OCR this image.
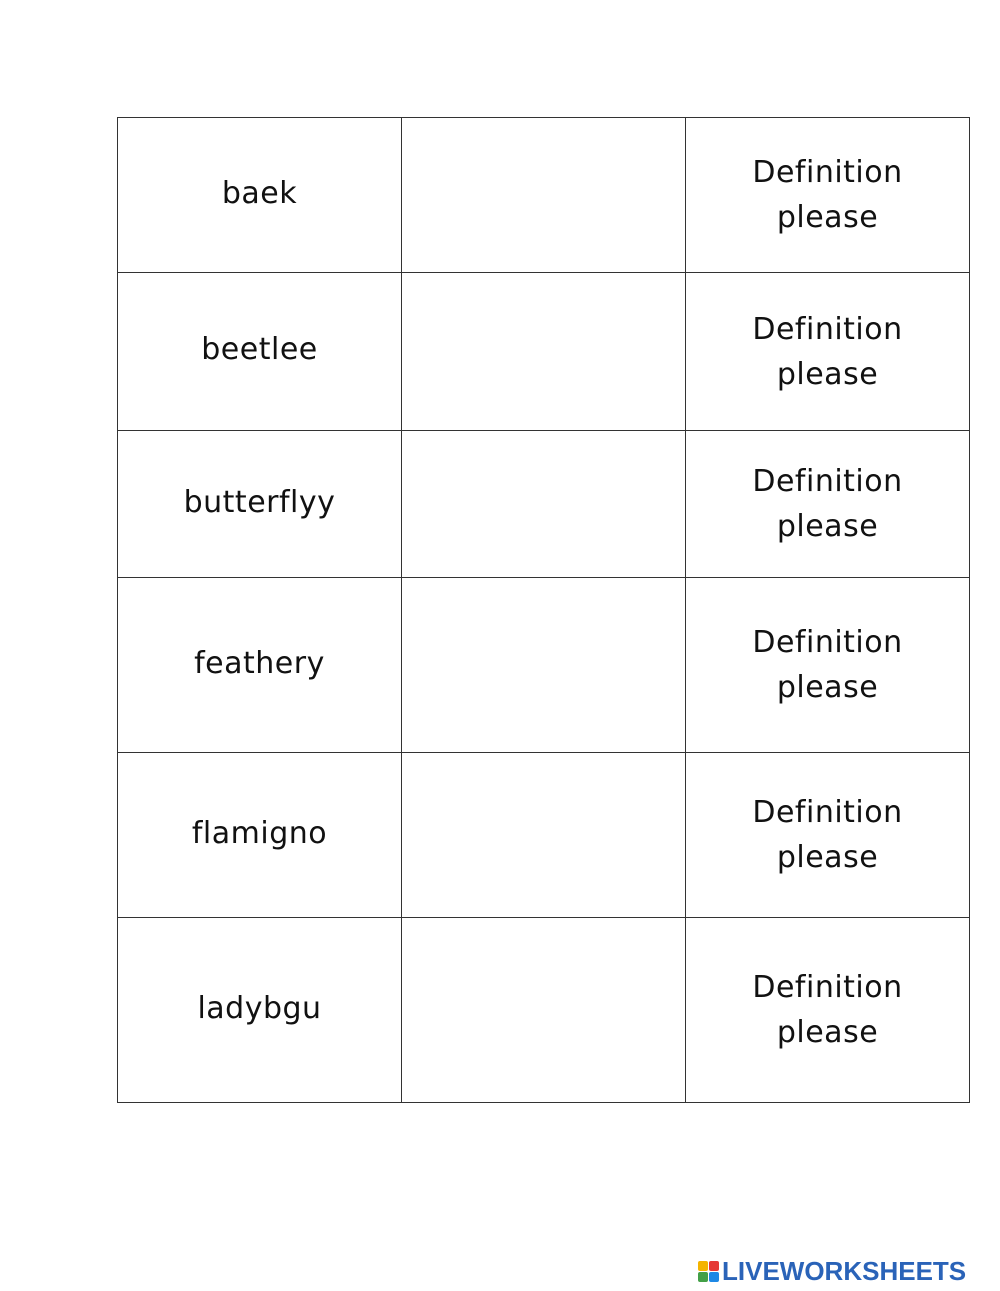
baek		Definition
please

beetlee		Definition
please

butterflyy		Definition
please

feathery		Definition
please

flamigno		Definition
please

ladybgu		Definition
please
LIVEWORKSHEETS
